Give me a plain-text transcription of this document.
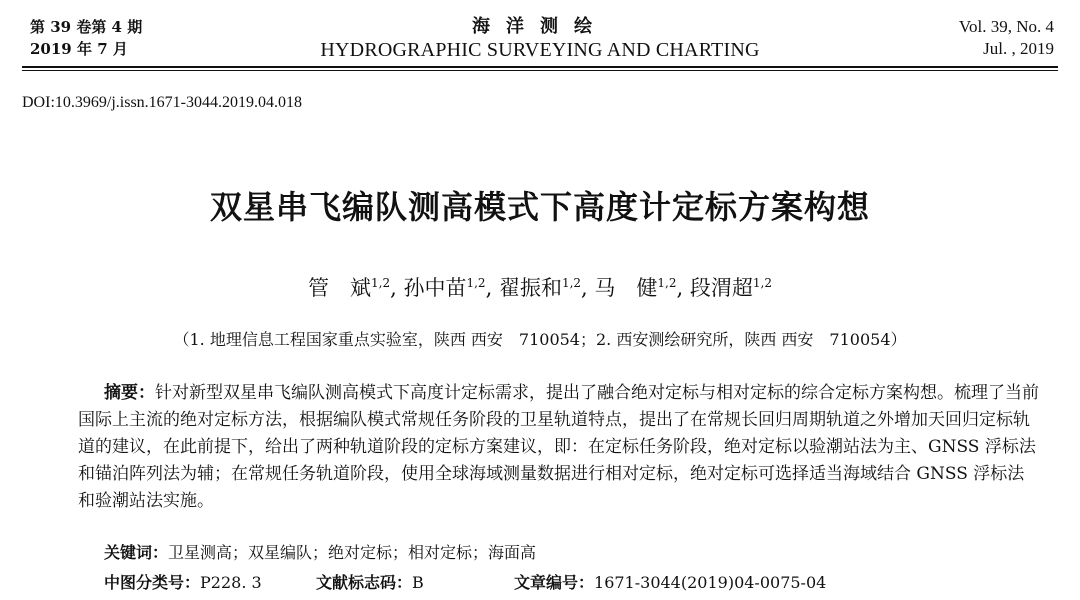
第 39 卷第 4 期
2019 年 7 月
海洋测绘
HYDROGRAPHIC SURVEYING AND CHARTING
Vol. 39, No. 4
Jul. , 2019
DOI:10.3969/j.issn.1671-3044.2019.04.018
双星串飞编队测高模式下高度计定标方案构想
管　斌$^{1,2}$, 孙中苗$^{1,2}$, 翟振和$^{1,2}$, 马　健$^{1,2}$, 段渭超$^{1,2}$
（1. 地理信息工程国家重点实验室，陕西 西安　710054；2. 西安测绘研究所，陕西 西安　710054）
摘要：针对新型双星串飞编队测高模式下高度计定标需求，提出了融合绝对定标与相对定标的综合定标方案构想。梳理了当前国际上主流的绝对定标方法，根据编队模式常规任务阶段的卫星轨道特点，提出了在常规长回归周期轨道之外增加天回归定标轨道的建议，在此前提下，给出了两种轨道阶段的定标方案建议，即：在定标任务阶段，绝对定标以验潮站法为主、GNSS 浮标法和锚泊阵列法为辅；在常规任务轨道阶段，使用全球海域测量数据进行相对定标，绝对定标可选择适当海域结合 GNSS 浮标法和验潮站法实施。
关键词：卫星测高；双星编队；绝对定标；相对定标；海面高
中图分类号：P228. 3	文献标志码：B	文章编号：1671-3044(2019)04-0075-04
